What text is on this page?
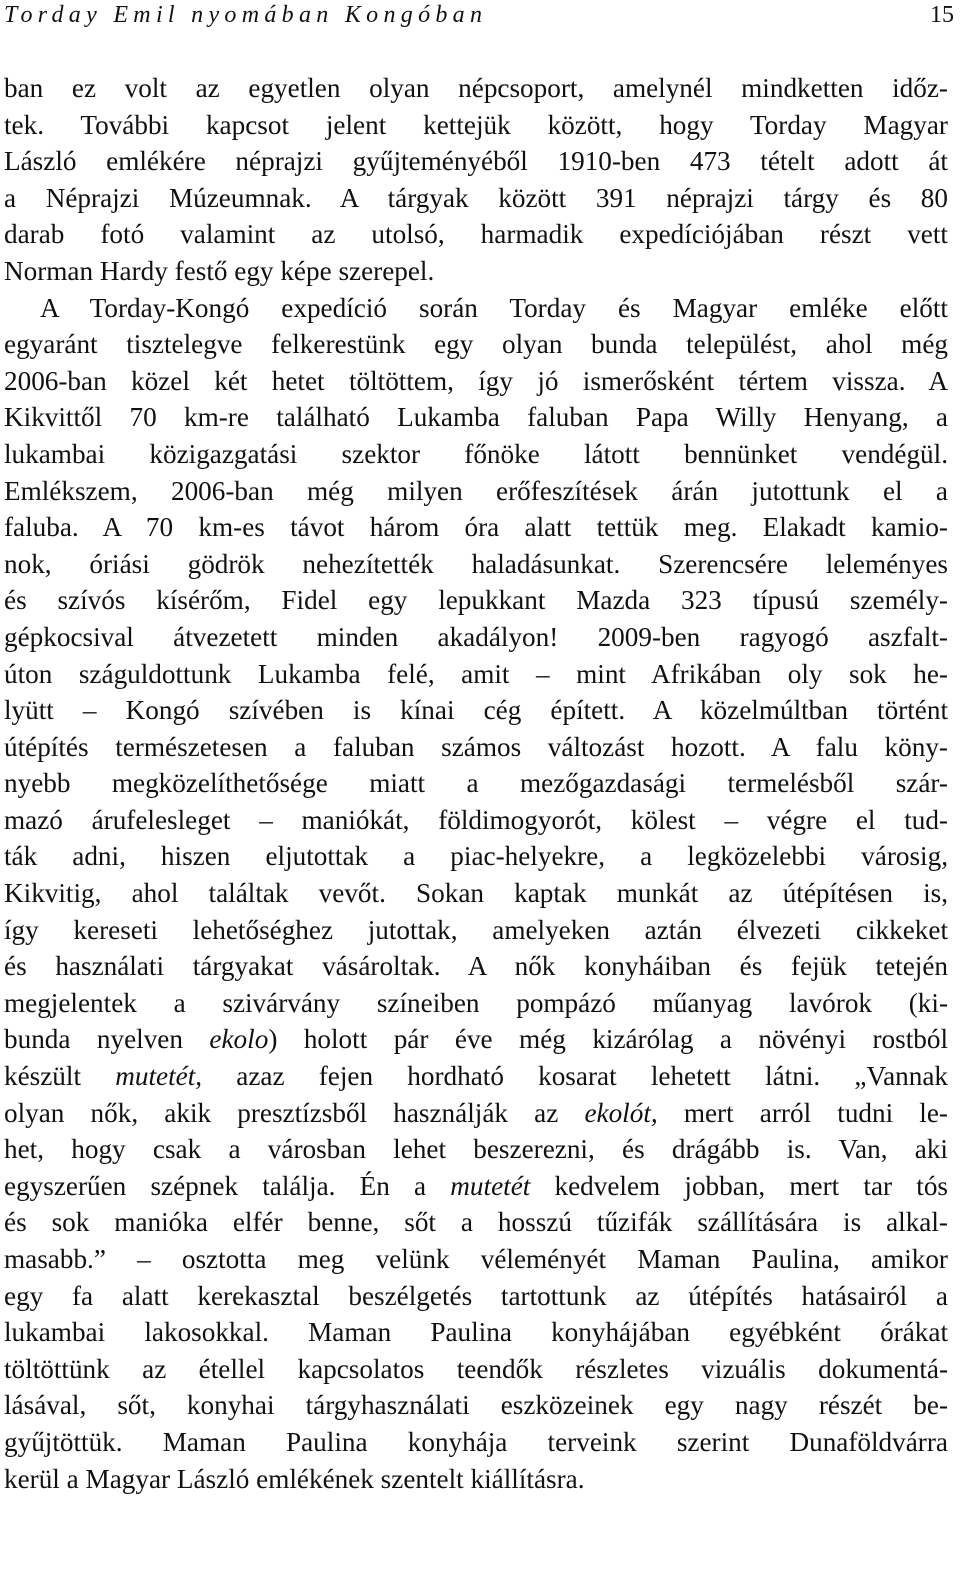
Torday Emil nyomában Kongóban	15
ban ez volt az egyetlen olyan népcsoport, amelynél mindketten időz-
tek. További kapcsot jelent kettejük között, hogy Torday Magyar
László emlékére néprajzi gyűjteményéből 1910-ben 473 tételt adott át
a Néprajzi Múzeumnak. A tárgyak között 391 néprajzi tárgy és 80
darab fotó valamint az utolsó, harmadik expedíciójában részt vett
Norman Hardy festő egy képe szerepel.
A Torday-Kongó expedíció során Torday és Magyar emléke előtt
egyaránt tisztelegve felkerestünk egy olyan bunda települést, ahol még
2006-ban közel két hetet töltöttem, így jó ismerősként tértem vissza. A
Kikvittől 70 km-re található Lukamba faluban Papa Willy Henyang, a
lukambai közigazgatási szektor főnöke látott bennünket vendégül.
Emlékszem, 2006-ban még milyen erőfeszítések árán jutottunk el a
faluba. A 70 km-es távot három óra alatt tettük meg. Elakadt kamio-
nok, óriási gödrök nehezítették haladásunkat. Szerencsére leleményes
és szívós kísérőm, Fidel egy lepukkant Mazda 323 típusú személy-
gépkocsival átvezetett minden akadályon! 2009-ben ragyogó aszfalt-
úton száguldottunk Lukamba felé, amit – mint Afrikában oly sok he-
lyütt – Kongó szívében is kínai cég épített. A közelmúltban történt
útépítés természetesen a faluban számos változást hozott. A falu köny-
nyebb megközelíthetősége miatt a mezőgazdasági termelésből szár-
mazó árufelesleget – maniókát, földimogyorót, kölest – végre el tud-
ták adni, hiszen eljutottak a piac-helyekre, a legközelebbi városig,
Kikvitig, ahol találtak vevőt. Sokan kaptak munkát az útépítésen is,
így kereseti lehetőséghez jutottak, amelyeken aztán élvezeti cikkeket
és használati tárgyakat vásároltak. A nők konyháiban és fejük tetején
megjelentek a szivárvány színeiben pompázó műanyag lavórok (ki-
bunda nyelven ekolo) holott pár éve még kizárólag a növényi rostból
készült mutetét, azaz fejen hordható kosarat lehetett látni. „Vannak
olyan nők, akik presztízsből használják az ekolót, mert arról tudni le-
het, hogy csak a városban lehet beszerezni, és drágább is. Van, aki
egyszerűen szépnek találja. Én a mutetét kedvelem jobban, mert tar tós
és sok manióka elfér benne, sőt a hosszú tűzifák szállítására is alkal-
masabb.” – osztotta meg velünk véleményét Maman Paulina, amikor
egy fa alatt kerekasztal beszélgetés tartottunk az útépítés hatásairól a
lukambai lakosokkal. Maman Paulina konyhájában egyébként órákat
töltöttünk az étellel kapcsolatos teendők részletes vizuális dokumentá-
lásával, sőt, konyhai tárgyhasználati eszközeinek egy nagy részét be-
gyűjtöttük. Maman Paulina konyhája terveink szerint Dunaföldvárra
kerül a Magyar László emlékének szentelt kiállításra.
